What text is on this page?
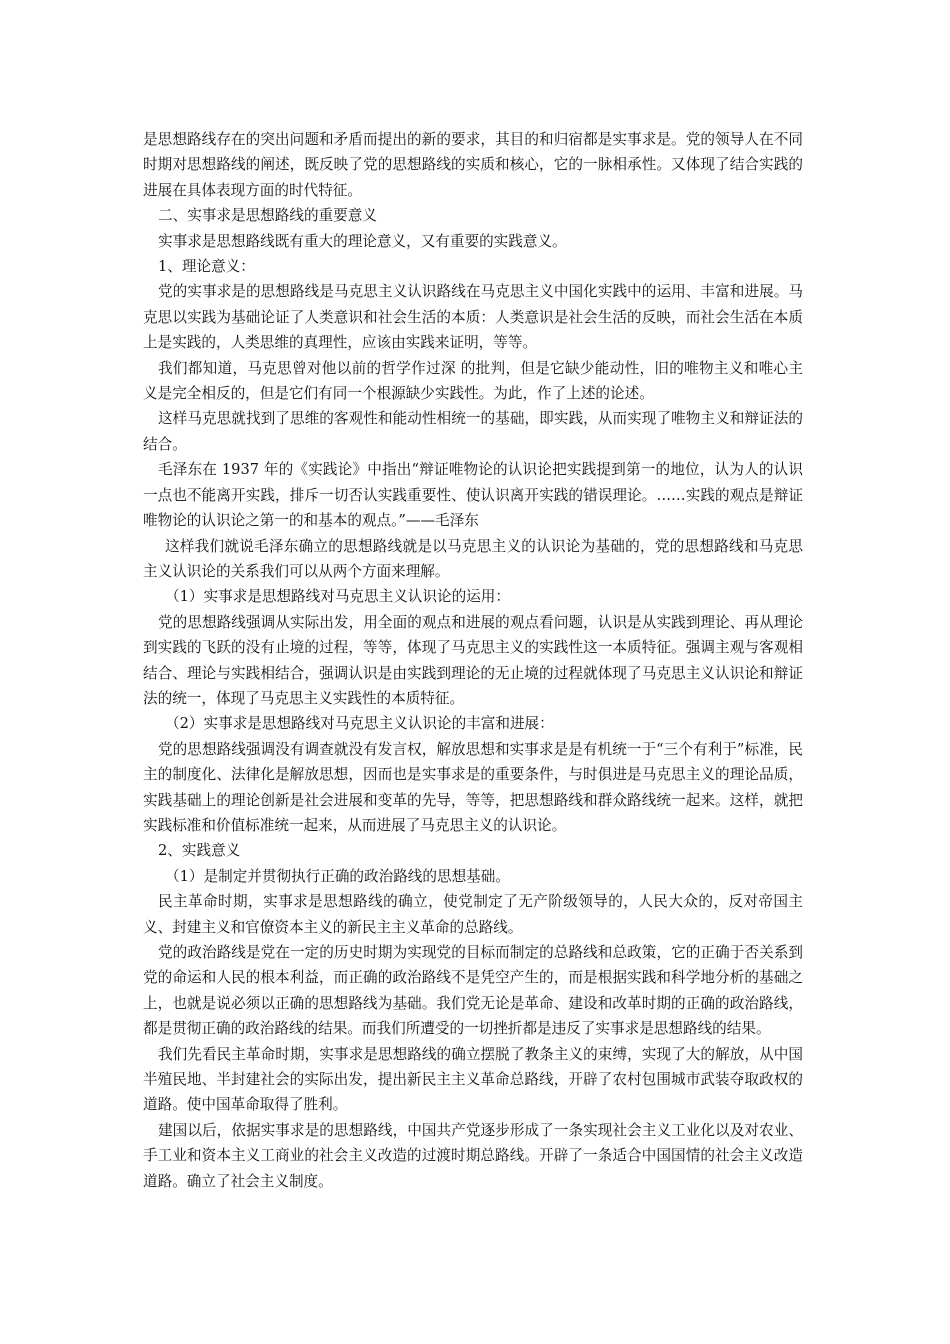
是思想路线存在的突出问题和矛盾而提出的新的要求，其目的和归宿都是实事求是。党的领导人在不同时期对思想路线的阐述，既反映了党的思想路线的实质和核心，它的一脉相承性。又体现了结合实践的进展在具体表现方面的时代特征。

二、实事求是思想路线的重要意义

实事求是思想路线既有重大的理论意义，又有重要的实践意义。

1、理论意义：

党的实事求是的思想路线是马克思主义认识路线在马克思主义中国化实践中的运用、丰富和进展。马克思以实践为基础论证了人类意识和社会生活的本质：人类意识是社会生活的反映，而社会生活在本质上是实践的，人类思维的真理性，应该由实践来证明，等等。

我们都知道，马克思曾对他以前的哲学作过深 的批判，但是它缺少能动性，旧的唯物主义和唯心主义是完全相反的，但是它们有同一个根源缺少实践性。为此，作了上述的论述。

这样马克思就找到了思维的客观性和能动性相统一的基础，即实践，从而实现了唯物主义和辩证法的结合。

毛泽东在 1937 年的《实践论》中指出“辩证唯物论的认识论把实践提到第一的地位，认为人的认识一点也不能离开实践，排斥一切否认实践重要性、使认识离开实践的错误理论。……实践的观点是辩证唯物论的认识论之第一的和基本的观点。”——毛泽东

这样我们就说毛泽东确立的思想路线就是以马克思主义的认识论为基础的，党的思想路线和马克思主义认识论的关系我们可以从两个方面来理解。

（1）实事求是思想路线对马克思主义认识论的运用：

党的思想路线强调从实际出发，用全面的观点和进展的观点看问题，认识是从实践到理论、再从理论到实践的飞跃的没有止境的过程，等等，体现了马克思主义的实践性这一本质特征。强调主观与客观相结合、理论与实践相结合，强调认识是由实践到理论的无止境的过程就体现了马克思主义认识论和辩证法的统一，体现了马克思主义实践性的本质特征。

（2）实事求是思想路线对马克思主义认识论的丰富和进展：

党的思想路线强调没有调查就没有发言权，解放思想和实事求是是有机统一于“三个有利于”标准，民主的制度化、法律化是解放思想，因而也是实事求是的重要条件，与时俱进是马克思主义的理论品质，实践基础上的理论创新是社会进展和变革的先导，等等，把思想路线和群众路线统一起来。这样，就把实践标准和价值标准统一起来，从而进展了马克思主义的认识论。

2、实践意义

（1）是制定并贯彻执行正确的政治路线的思想基础。

民主革命时期，实事求是思想路线的确立，使党制定了无产阶级领导的，人民大众的，反对帝国主义、封建主义和官僚资本主义的新民主主义革命的总路线。

党的政治路线是党在一定的历史时期为实现党的目标而制定的总路线和总政策，它的正确于否关系到党的命运和人民的根本利益，而正确的政治路线不是凭空产生的，而是根据实践和科学地分析的基础之上，也就是说必须以正确的思想路线为基础。我们党无论是革命、建设和改革时期的正确的政治路线，都是贯彻正确的政治路线的结果。而我们所遭受的一切挫折都是违反了实事求是思想路线的结果。

我们先看民主革命时期，实事求是思想路线的确立摆脱了教条主义的束缚，实现了大的解放，从中国半殖民地、半封建社会的实际出发，提出新民主主义革命总路线，开辟了农村包围城市武装夺取政权的道路。使中国革命取得了胜利。

建国以后，依据实事求是的思想路线，中国共产党逐步形成了一条实现社会主义工业化以及对农业、手工业和资本主义工商业的社会主义改造的过渡时期总路线。开辟了一条适合中国国情的社会主义改造道路。确立了社会主义制度。
